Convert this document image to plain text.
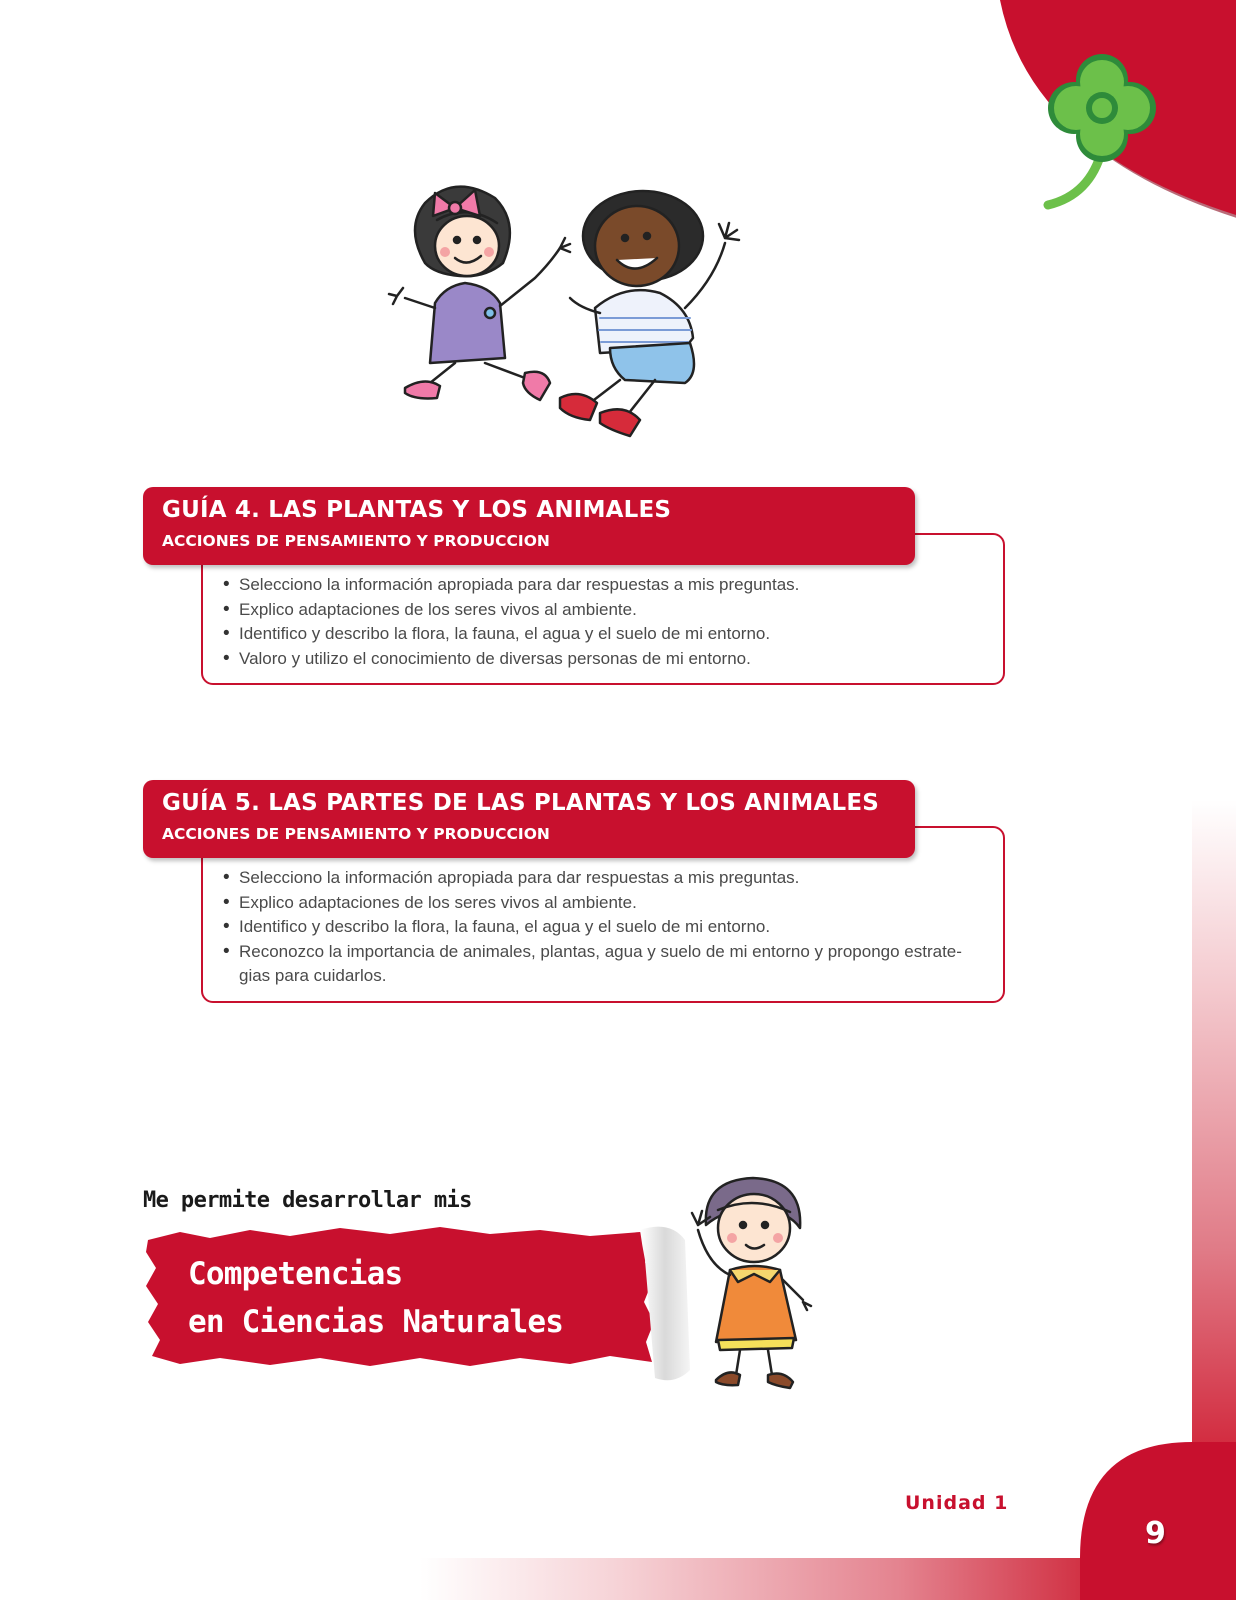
GUÍA 4. LAS PLANTAS Y LOS ANIMALES
ACCIONES DE PENSAMIENTO Y PRODUCCION
• Selecciono la información apropiada para dar respuestas a mis preguntas.
• Explico adaptaciones de los seres vivos al ambiente.
• Identifico y describo la flora, la fauna, el agua y el suelo de mi entorno.
• Valoro y utilizo el conocimiento de diversas personas de mi entorno.
GUÍA 5. LAS PARTES DE LAS PLANTAS Y LOS ANIMALES
ACCIONES DE PENSAMIENTO Y PRODUCCION
• Selecciono la información apropiada para dar respuestas a mis preguntas.
• Explico adaptaciones de los seres vivos al ambiente.
• Identifico y describo la flora, la fauna, el agua y el suelo de mi entorno.
• Reconozco la importancia de animales, plantas, agua y suelo de mi entorno y propongo estrate- gias para cuidarlos.
Me permite desarrollar mis
Competencias
en Ciencias Naturales
Unidad 1
9
